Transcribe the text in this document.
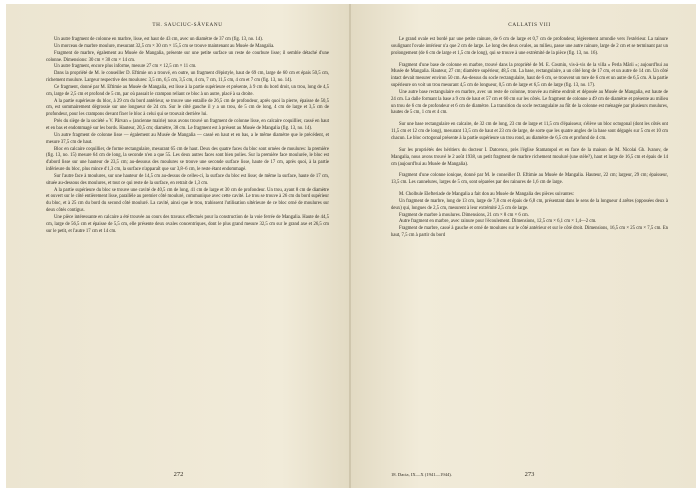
TH. SAUCIUC-SĂVEANU

Un autre fragment de colonne en marbre, lisse, est haut de 43 cm, avec un diamètre de 37 cm (fig. 13, no. 14).

Un morceau de marbre moulure, mesurant 32,5 cm × 30 cm × 15,5 cm se trouve maintenant au Musée de Mangalia.

Fragment de marbre, également au Musée de Mangalia, présente sur une petite surface un reste de courbure lisse; il semble détaché d'une colonne. Dimensions: 30 cm × 30 cm × 14 cm.

Un autre fragment, encore plus informe, mesure 27 cm × 12,5 cm × 11 cm.

Dans la propriété de M. le conseiller D. Eftimie on a trouvé, en outre, un fragment d'épistyle, haut de 69 cm, large de 60 cm et épais 50,5 cm, richement moulure. Largeur respective des moulures: 3,5 cm, 6,5 cm, 3,5 cm, 4 cm, 7 cm, 11,5 cm, 4 cm et 7 cm (fig. 13, no. 14).

Ce fragment, donné par M. Eftimie au Musée de Mangalia, est lisse à la partie supérieure et présente, à 9 cm du bord droit, un trou, long de 4,5 cm, large de 2,5 cm et profond de 5 cm, par où passait le crampon reliant ce bloc à un autre, placé à sa droite.

A la partie supérieure du bloc, à 29 cm du bord antérieur, se trouve une entaille de 26,5 cm de profondeur, après quoi la pierre, épaisse de 50,5 cm, est sommairement dégrossie sur une longueur de 24 cm. Sur le côté gauche il y a un trou, de 5 cm de long, 4 cm de large et 3,5 cm de profondeur, pour les crampons devant fixer le bloc à celui qui se trouvait derrière lui.

Près du siège de la société « V. Pârvan » (ancienne mairie) nous avons trouvé un fragment de colonne lisse, en calcaire coquillier, cassé en haut et en bas et endommagé sur les bords. Hauteur, 20,5 cm; diamètre, 38 cm. Le fragment est à présent au Musée de Mangalia (fig. 13, no. 14).

Un autre fragment de colonne lisse — également au Musée de Mangalia — cassé en haut et en bas, a le même diamètre que le précédent, et mesure 37,5 cm de haut.

Bloc en calcaire coquillier, de forme rectangulaire, mesurant 65 cm de haut. Deux des quatre faces du bloc sont ornées de moulures: la première (fig. 13, no. 15) mesure 64 cm de long, la seconde n'en a que 55. Les deux autres faces sont bien polies. Sur la première face moulurée, le bloc est d'abord lisse sur une hauteur de 23,5 cm; au-dessous des moulures se trouve une seconde surface lisse, haute de 17 cm, après quoi, à la partie inférieure du bloc, plus mince d'1,3 cm, la surface n'apparaît que sur 3,8–6 cm, le reste étant endommagé.

Sur l'autre face à moulures, sur une hauteur de 14,5 cm au-dessus de celles-ci, la surface du bloc est lisse; de même la surface, haute de 17 cm, située au-dessous des moulures, et tout ce qui reste de la surface, en retrait de 1,3 cm.

A la partie supérieure du bloc se trouve une cavité de 40,5 cm de long, 41 cm de large et 30 cm de profondeur. Un trou, ayant 8 cm de diamètre et ouvert sur le côté entièrement lisse, parallèle au premier côté mouluré, communique avec cette cavité. Le trou se trouve à 26 cm du bord supérieur du bloc, et à 25 cm du bord du second côté mouluré. La cavité, ainsi que le trou, trahissent l'utilisation ultérieure de ce bloc orné de moulures sur deux côtés contigus.

Une pièce intéressante en calcaire a été trouvée au cours des travaux effectués pour la construction de la voie ferrée de Mangalia. Haute de 44,5 cm, large de 56,5 cm et épaisse de 5,5 cm, elle présente deux ovales concentriques, dont le plus grand mesure 32,5 cm sur le grand axe et 26,5 cm sur le petit, et l'autre 17 cm et 14 cm.

272
CALLATIS VIII

Le grand ovale est bordé par une petite rainure, de 6 cm de large et 0,7 cm de profondeur, légèrement arrondie vers l'extérieur. La rainure soulignant l'ovale intérieur n'a que 2 cm de large. Le long des deux ovales, au milieu, passe une autre rainure, large de 2 cm et se terminant par un prolongement (de 6 cm de large et 1,5 cm de long), qui se trouve à une extrémité de la pièce (fig. 13, no. 16).

Fragment d'une base de colonne en marbre, trouvé dans la propriété de M. E. Cosmin, vis-à-vis de la villa « Perla Mării »; aujourd'hui au Musée de Mangalia. Hauteur, 27 cm; diamètre supérieur, 48,5 cm. La base, rectangulaire, a un côté long de 17 cm, et un autre de 14 cm. Un côté intact devait mesurer environ 50 cm. Au-dessus du socle rectangulaire, haut de 6 cm, se trouvent un tore de 6 cm et un autre de 6,5 cm. A la partie supérieure on voit un trou mesurant 4,5 cm de longueur, 0,5 cm de large et 6,5 cm de large (fig. 13, no. 17).

Une autre base rectangulaire en marbre, avec un reste de colonne, trouvée au même endroit et déposée au Musée de Mangalia, est haute de 24 cm. La dalle formant la base a 9 cm de haut et 57 cm et 60 cm sur les côtés. Le fragment de colonne a 49 cm de diamètre et présente au milieu un trou de 6 cm de profondeur et 6 cm de diamètre. La transition du socle rectangulaire au fût de la colonne est ménagée par plusieurs moulures, hautes de 5 cm, 1 cm et 4 cm.

Sur une base rectangulaire en calcaire, de 32 cm de long, 23 cm de large et 11,5 cm d'épaisseur, s'élève un bloc octogonal (dont les côtés ont 11,5 cm et 12 cm de long), mesurant 13,5 cm de haut et 23 cm de large, de sorte que les quatre angles de la base sont dégagés sur 5 cm et 10 cm chacun. Le bloc octogonal présente à la partie supérieure un trou rond, au diamètre de 6,5 cm et profond de 4 cm.

Sur les propriétés des héritiers du docteur I. Datcenco, près l'église Stamatopol et en face de la maison de M. Nicolai Gh. Ivanov, de Mangalia, nous avons trouvé le 2 août 1938, un petit fragment de marbre richement mouluré (une stèle?), haut et large de 16,5 cm et épais de 14 cm (aujourd'hui au Musée de Mangalia).

Fragment d'une colonne ionique, donné par M. le conseiller D. Eftimie au Musée de Mangalia. Hauteur, 22 cm; largeur, 29 cm; épaisseur, 13,5 cm. Les cannelures, larges de 5 cm, sont séparées par des rainures de 1,6 cm de large.

M. Cholbule Elefteriade de Mangalia a fait don au Musée de Mangalia des pièces suivantes:

Un fragment de marbre, long de 13 cm, large de 7,8 cm et épais de 6,8 cm, présentant dans le sens de la longueur 4 arêtes (opposées deux à deux) qui, longues de 2,5 cm, mesurent à leur extrémité 2,5 cm de large.

Fragment de marbre à moulures. Dimensions, 21 cm × 8 cm × 6 cm.

Autre fragment en marbre, avec rainure pour l'écoulement. Dimensions, 12,5 cm × 6,1 cm × 1,4—2 cm.

Fragment de marbre, cassé à gauche et orné de moulures sur le côté antérieur et sur le côté droit. Dimensions, 16,5 cm × 25 cm × 7,5 cm. En haut, 7,5 cm à partir du bord

18. Dacia, IX—X (1941—1944).	273
